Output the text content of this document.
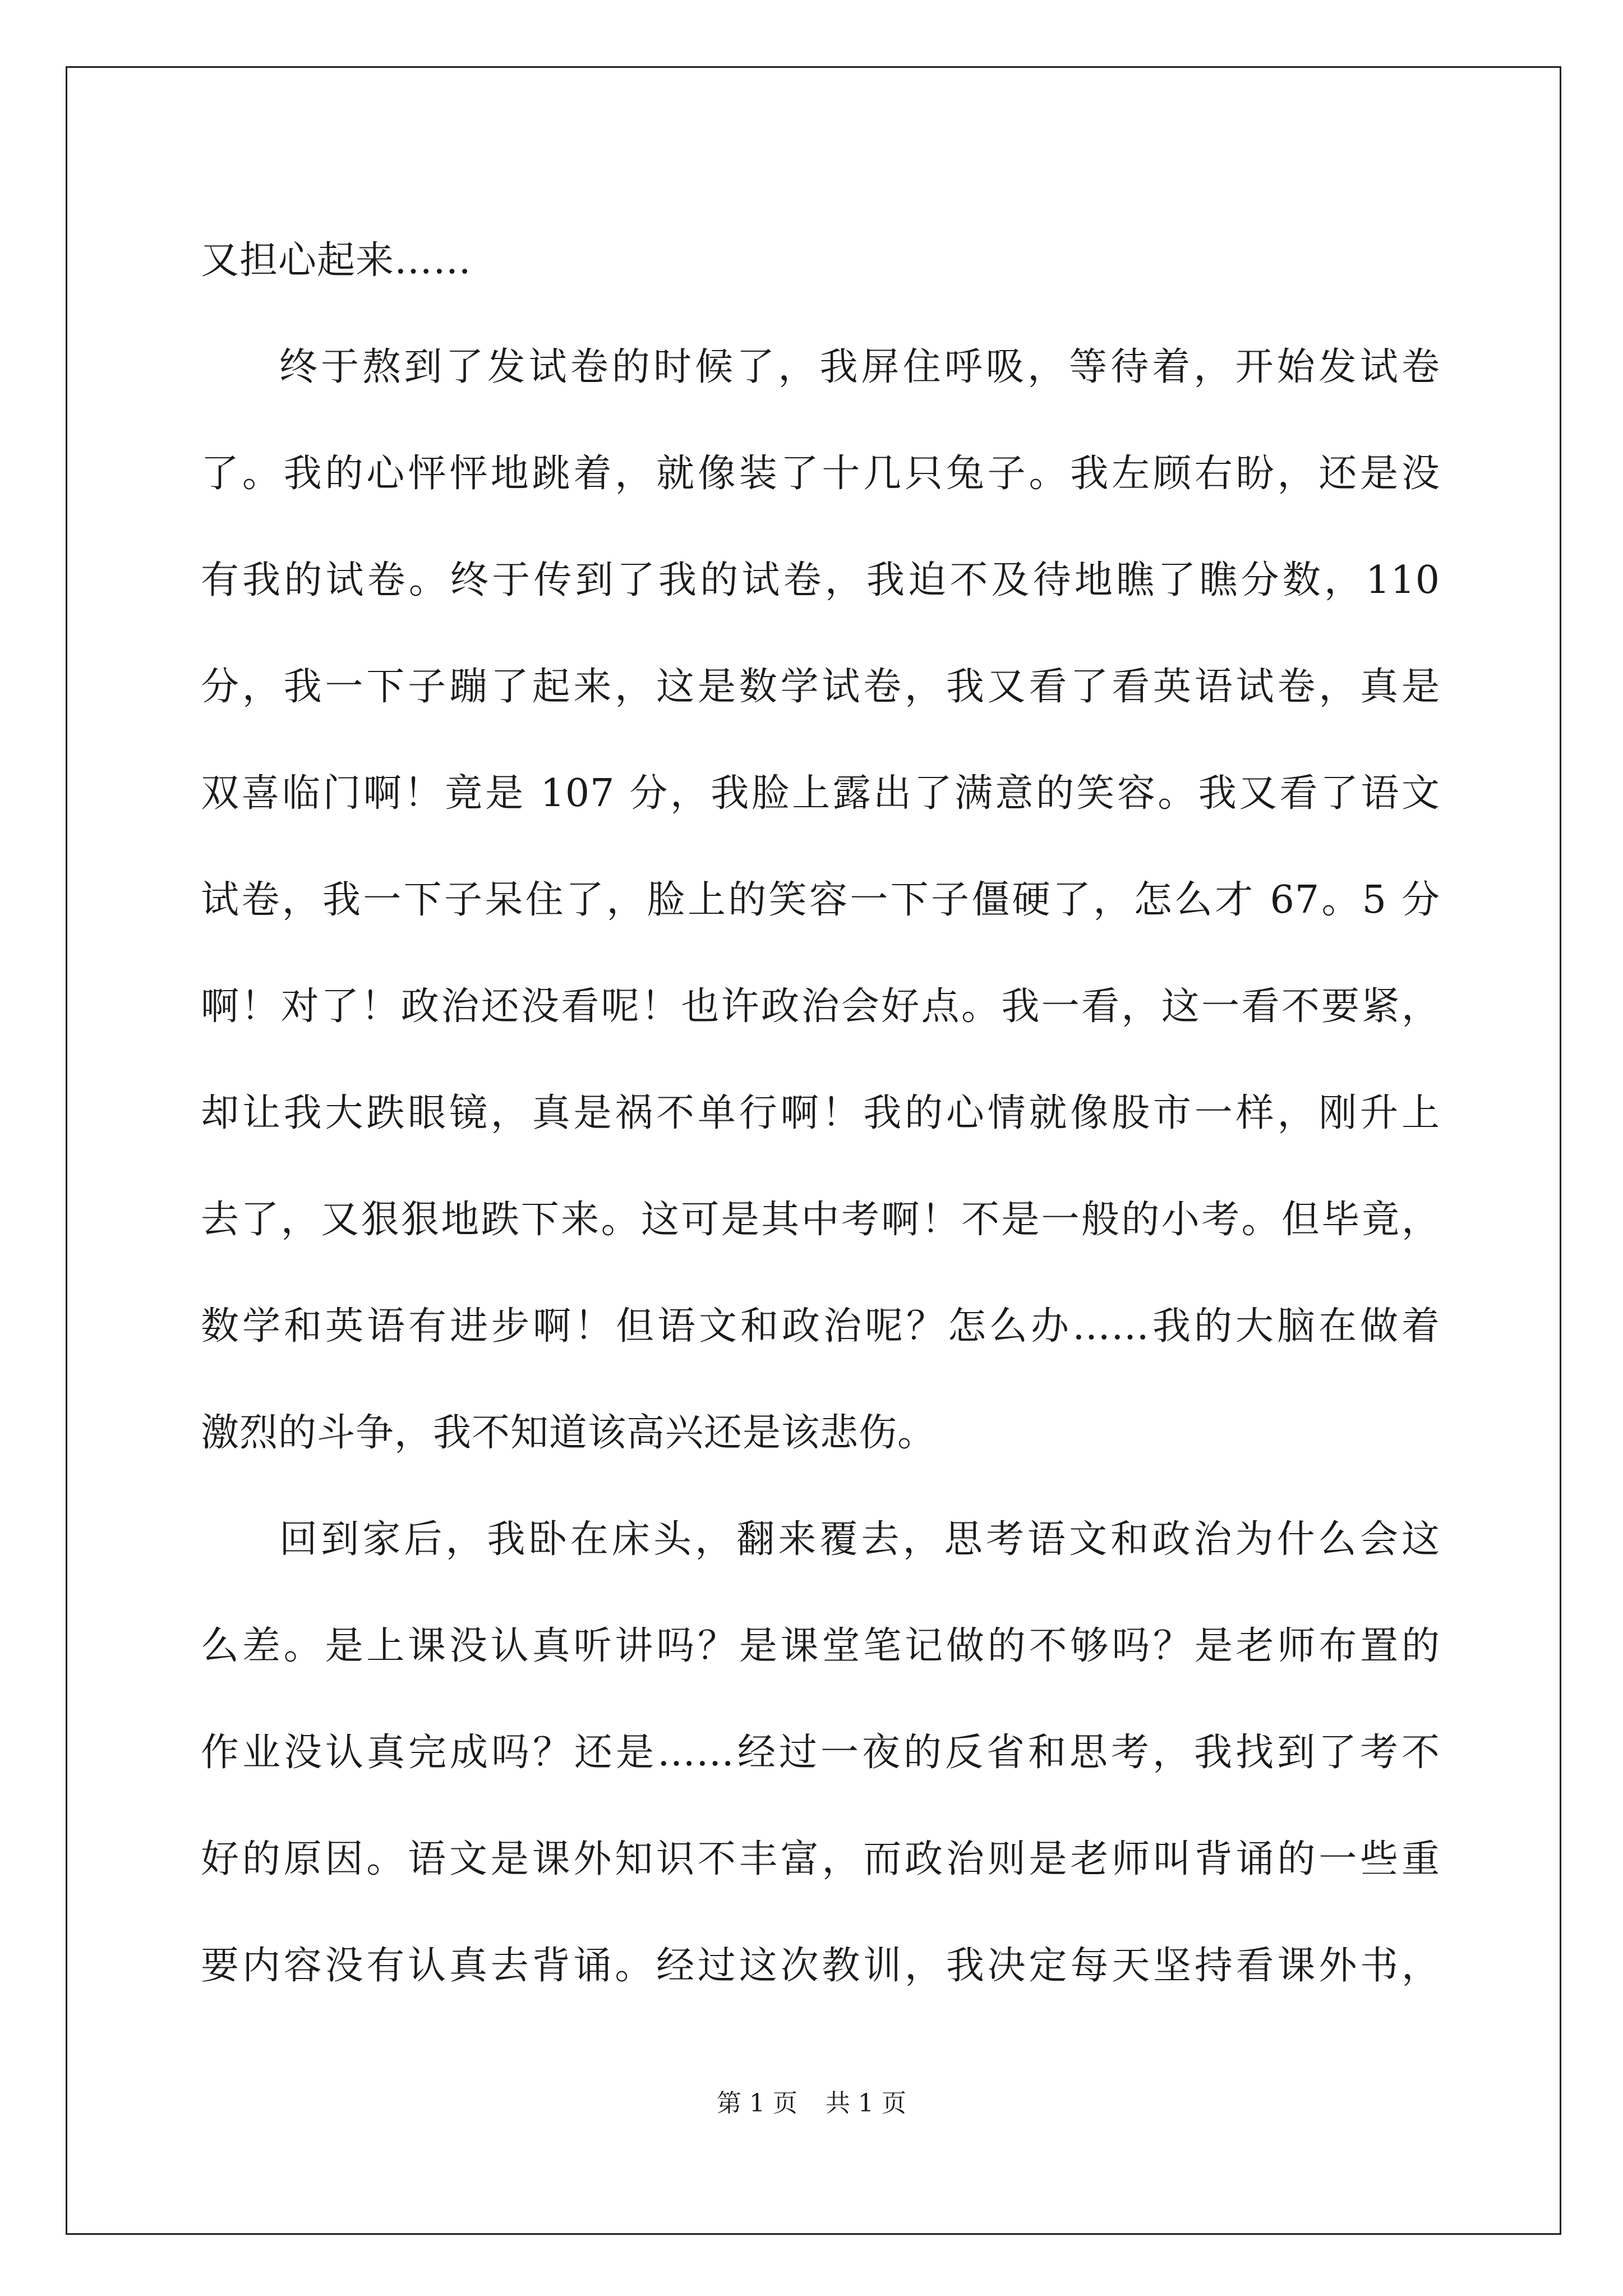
又担心起来……
终于熬到了发试卷的时候了，我屏住呼吸，等待着，开始发试卷
了。我的心怦怦地跳着，就像装了十几只兔子。我左顾右盼，还是没
有我的试卷。终于传到了我的试卷，我迫不及待地瞧了瞧分数，110
分，我一下子蹦了起来，这是数学试卷，我又看了看英语试卷，真是
双喜临门啊！竟是 107 分，我脸上露出了满意的笑容。我又看了语文
试卷，我一下子呆住了，脸上的笑容一下子僵硬了，怎么才 67。5 分
啊！对了！政治还没看呢！也许政治会好点。我一看，这一看不要紧，
却让我大跌眼镜，真是祸不单行啊！我的心情就像股市一样，刚升上
去了，又狠狠地跌下来。这可是其中考啊！不是一般的小考。但毕竟，
数学和英语有进步啊！但语文和政治呢？怎么办……我的大脑在做着
激烈的斗争，我不知道该高兴还是该悲伤。
回到家后，我卧在床头，翻来覆去，思考语文和政治为什么会这
么差。是上课没认真听讲吗？是课堂笔记做的不够吗？是老师布置的
作业没认真完成吗？还是……经过一夜的反省和思考，我找到了考不
好的原因。语文是课外知识不丰富，而政治则是老师叫背诵的一些重
要内容没有认真去背诵。经过这次教训，我决定每天坚持看课外书，
第 1 页 共 1 页
